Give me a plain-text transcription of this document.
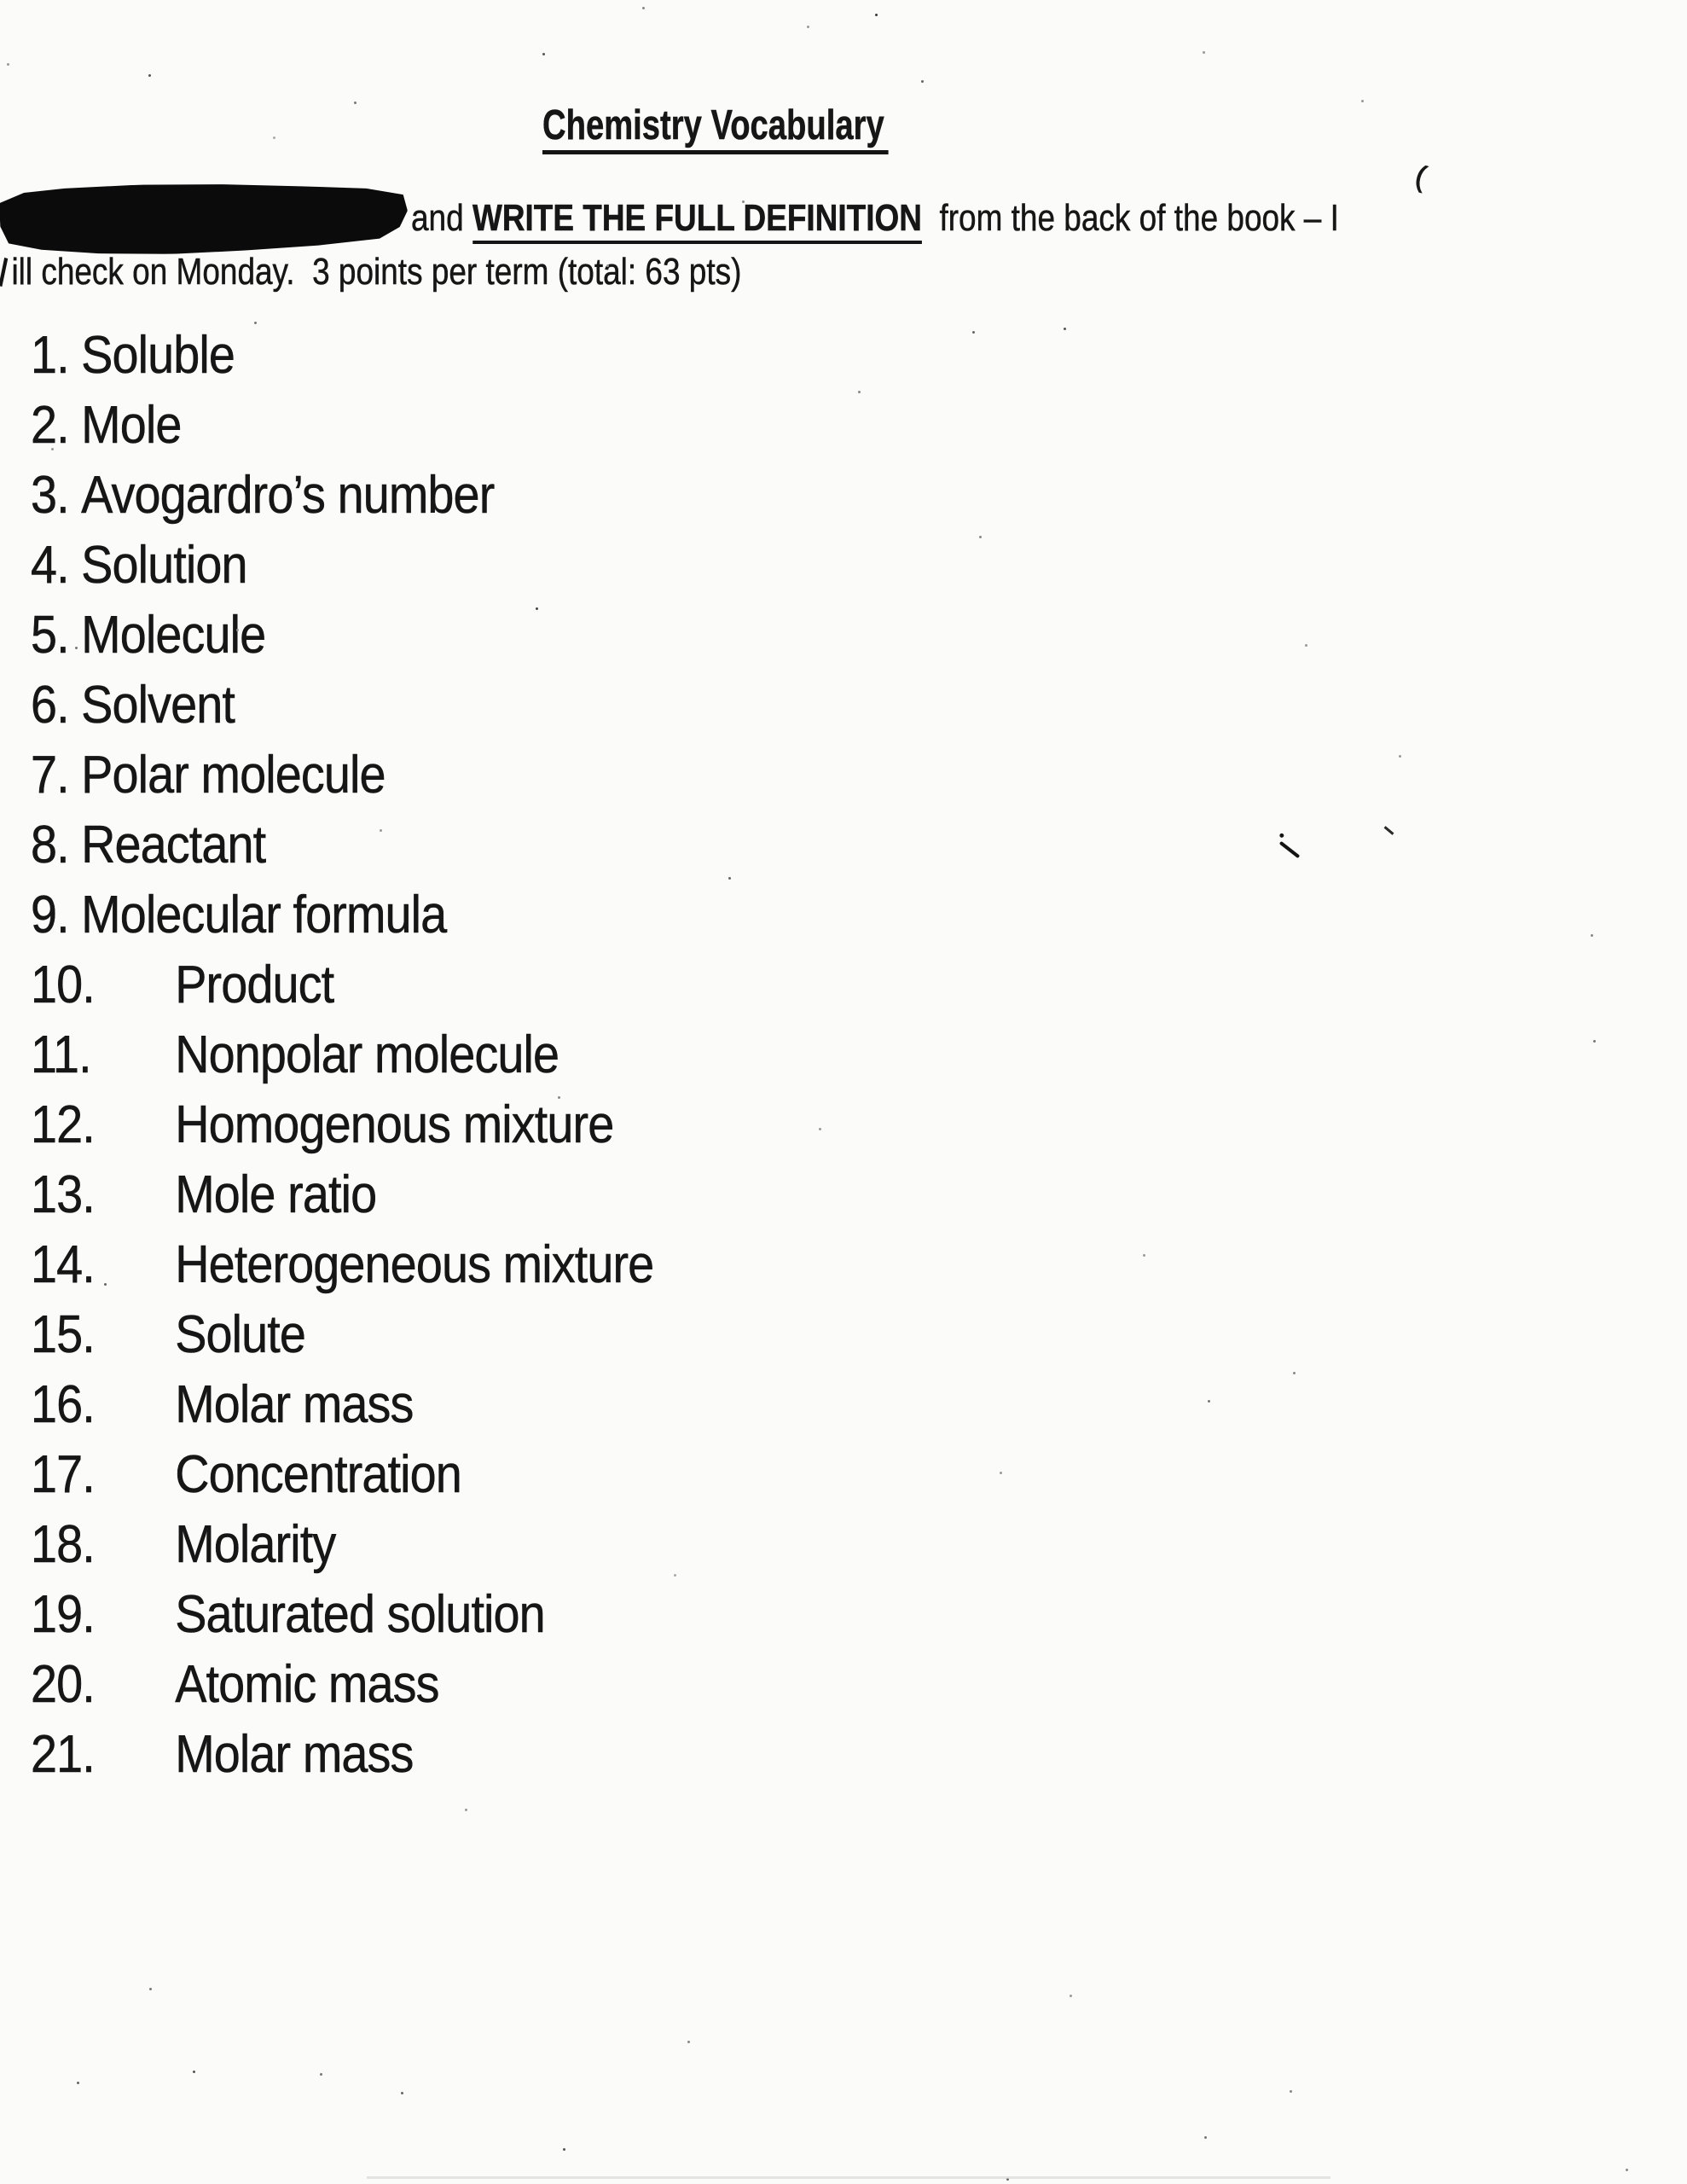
Chemistry Vocabulary
and WRITE THE FULL DEFINITION  from the back of the book – I
ill check on Monday.  3 points per term (total: 63 pts)
1. Soluble
2. Mole
3. Avogardro’s number
4. Solution
5. Molecule
6. Solvent
7. Polar molecule
8. Reactant
9. Molecular formula
10. Product
11. Nonpolar molecule
12. Homogenous mixture
13. Mole ratio
14. Heterogeneous mixture
15. Solute
16. Molar mass
17. Concentration
18. Molarity
19. Saturated solution
20. Atomic mass
21. Molar mass
(
